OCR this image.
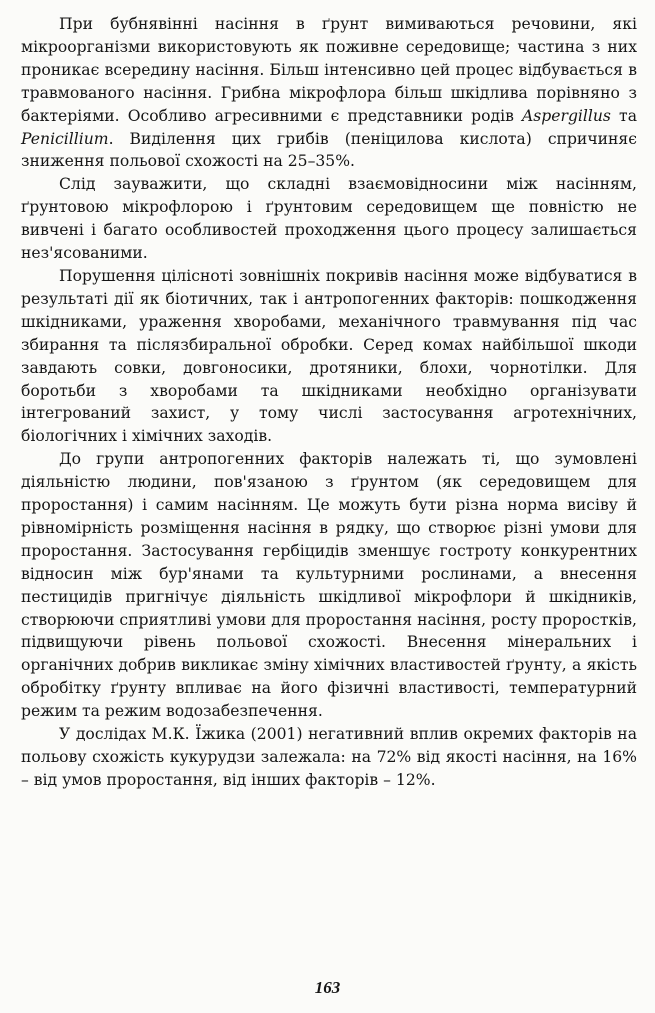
При бубнявінні насіння в ґрунт вимиваються речовини, які мікроорганізми використовують як поживне середовище; частина з них проникає всередину насіння. Більш інтенсивно цей процес відбувається в травмованого насіння. Грибна мікрофлора більш шкідлива порівняно з бактеріями. Особливо агресивними є представники родів Aspergillus та Penicillium. Виділення цих грибів (пеніцилова кислота) спричиняє зниження польової схожості на 25–35%.

Слід зауважити, що складні взаємовідносини між насінням, ґрунтовою мікрофлорою і ґрунтовим середовищем ще повністю не вивчені і багато особливостей проходження цього процесу залишається нез'ясованими.

Порушення цілісноті зовнішніх покривів насіння може відбуватися в результаті дії як біотичних, так і антропогенних факторів: пошкодження шкідниками, ураження хворобами, механічного травмування під час збирання та післязбиральної обробки. Серед комах найбільшої шкоди завдають совки, довгоносики, дротяники, блохи, чорнотілки. Для боротьби з хворобами та шкідниками необхідно організувати інтегрований захист, у тому числі застосування агротехнічних, біологічних і хімічних заходів.

До групи антропогенних факторів належать ті, що зумовлені діяльністю людини, пов'язаною з ґрунтом (як середовищем для проростання) і самим насінням. Це можуть бути різна норма висіву й рівномірність розміщення насіння в рядку, що створює різні умови для проростання. Застосування гербіцидів зменшує гостроту конкурентних відносин між бур'янами та культурними рослинами, а внесення пестицидів пригнічує діяльність шкідливої мікрофлори й шкідників, створюючи сприятливі умови для проростання насіння, росту проростків, підвищуючи рівень польової схожості. Внесення мінеральних і органічних добрив викликає зміну хімічних властивостей ґрунту, а якість обробітку ґрунту впливає на його фізичні властивості, температурний режим та режим водозабезпечення.

У дослідах М.К. Їжика (2001) негативний вплив окремих факторів на польову схожість кукурудзи залежала: на 72% від якості насіння, на 16% – від умов проростання, від інших факторів – 12%.

163
